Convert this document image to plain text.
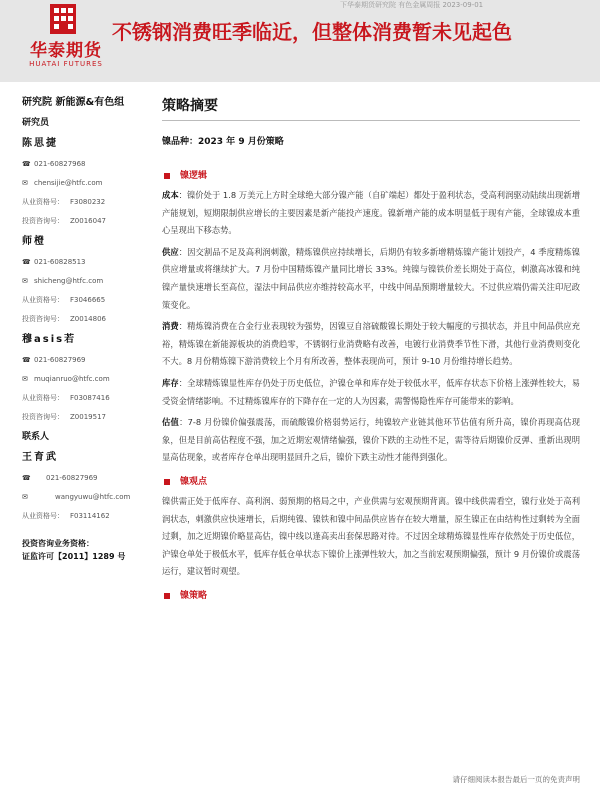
下华泰期货研究院 有色金属周报 2023-09-01
华泰期货
HUATAI FUTURES
不锈钢消费旺季临近，但整体消费暂未见起色
研究院 新能源&有色组
研究员
陈思捷
☎ 021-60827968
✉ chensijie@htfc.com
从业资格号： F3080232
投资咨询号： Z0016047
师橙
☎ 021-60828513
✉ shicheng@htfc.com
从业资格号： F3046665
投资咨询号： Z0014806
穆asis若
☎ 021-60827969
✉ muqianruo@htfc.com
从业资格号： F03087416
投资咨询号： Z0019517
联系人
王育武
☎	021-60827969
✉	wangyuwu@htfc.com
从业资格号： F03114162
投资咨询业务资格：
证监许可【2011】1289 号
策略摘要
镍品种：2023 年 9 月份策略
镍逻辑
成本：镍价处于 1.8 万美元上方时全球绝大部分镍产能（自矿端起）都处于盈利状态，受高利润驱动陆续出现新增产能规划，短期限制供应增长的主要因素是新产能投产速度。镍新增产能的成本明显低于现有产能，全球镍成本重心呈现出下移态势。
供应：因交割品不足及高利润刺激，精炼镍供应持续增长，后期仍有较多新增精炼镍产能计划投产，4 季度精炼镍供应增量或将继续扩大。7 月份中国精炼镍产量同比增长 33%。纯镍与镍铁价差长期处于高位，刺激高冰镍和纯镍产量快速增长至高位，湿法中间品供应亦维持较高水平，中线中间品预期增量较大。不过供应端仍需关注印尼政策变化。
消费：精炼镍消费在合金行业表现较为强势，因镍豆自溶硫酸镍长期处于较大幅度的亏损状态，并且中间品供应充裕，精炼镍在新能源板块的消费趋零，不锈钢行业消费略有改善，电镀行业消费季节性下滑，其他行业消费则变化不大。8 月份精炼镍下游消费较上个月有所改善，整体表现尚可，预计 9-10 月份维持增长趋势。
库存：全球精炼镍显性库存仍处于历史低位，沪镍仓单和库存处于较低水平，低库存状态下价格上涨弹性较大，易受资金情绪影响。不过精炼镍库存的下降存在一定的人为因素，需警惕隐性库存可能带来的影响。
估值：7-8 月份镍价偏强震荡，而硫酸镍价格弱势运行，纯镍较产业链其他环节估值有所升高，镍价再现高估现象，但是目前高估程度不强，加之近期宏观情绪偏强，镍价下跌的主动性不足，需等待后期镍价反弹、重新出现明显高估现象，或者库存仓单出现明显回升之后，镍价下跌主动性才能得到强化。
镍观点
镍供需正处于低库存、高利润、弱预期的格局之中，产业供需与宏观预期背离。镍中线供需看空，镍行业处于高利润状态，刺激供应快速增长，后期纯镍、镍铁和镍中间品供应皆存在较大增量，原生镍正在由结构性过剩转为全面过剩，加之近期镍价略显高估，镍中线以逢高卖出套保思路对待。不过因全球精炼镍显性库存依然处于历史低位，沪镍仓单处于极低水平，低库存低仓单状态下镍价上涨弹性较大，加之当前宏观预期偏强，预计 9 月份镍价或震荡运行，建议暂时观望。
镍策略
请仔细阅读本报告最后一页的免责声明
